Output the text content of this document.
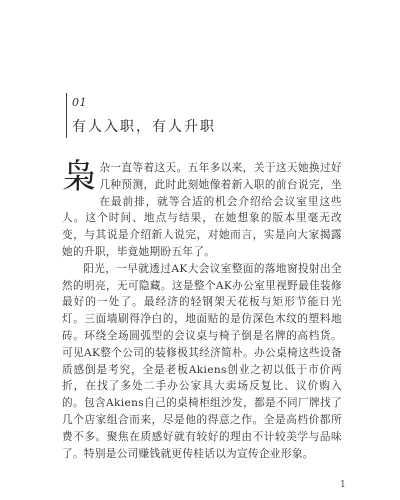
01
有人入职，有人升职

枭杂一直等着这天。五年多以来，关于这天她换过好几种预测，此时此刻她像着新入职的前台说完，坐在最前排，就等合适的机会介绍给会议室里这些人。这个时间、地点与结果，在她想象的版本里毫无改变，与其说是介绍新人说完，对她而言，实是向大家揭露她的升职，毕竟她期盼五年了。

阳光，一早就透过AK大会议室整面的落地窗投射出全然的明亮，无可隐藏。这是整个AK办公室里视野最佳装修最好的一处了。最经济的轻钢架天花板与矩形节能日光灯。三面墙刷得净白的，地面贴的是仿深色木纹的塑料地砖。环绕全场圆弧型的会议桌与椅子倒是名牌的高档货。可见AK整个公司的装修极其经济简朴。办公桌椅这些设备质感倒是考究，全是老板Akiens创业之初以低于市价两折，在找了多处二手办公家具大卖场反复比、议价购入的。包含Akiens自己的桌椅柜组沙发，都是不同厂牌找了几个店家组合而来，尽是他的得意之作。全是高档价都所费不多。聚焦在质感好就有较好的理由不计较美学与品味了。特别是公司赚钱就更传桂话以为宣传企业形象。

1
